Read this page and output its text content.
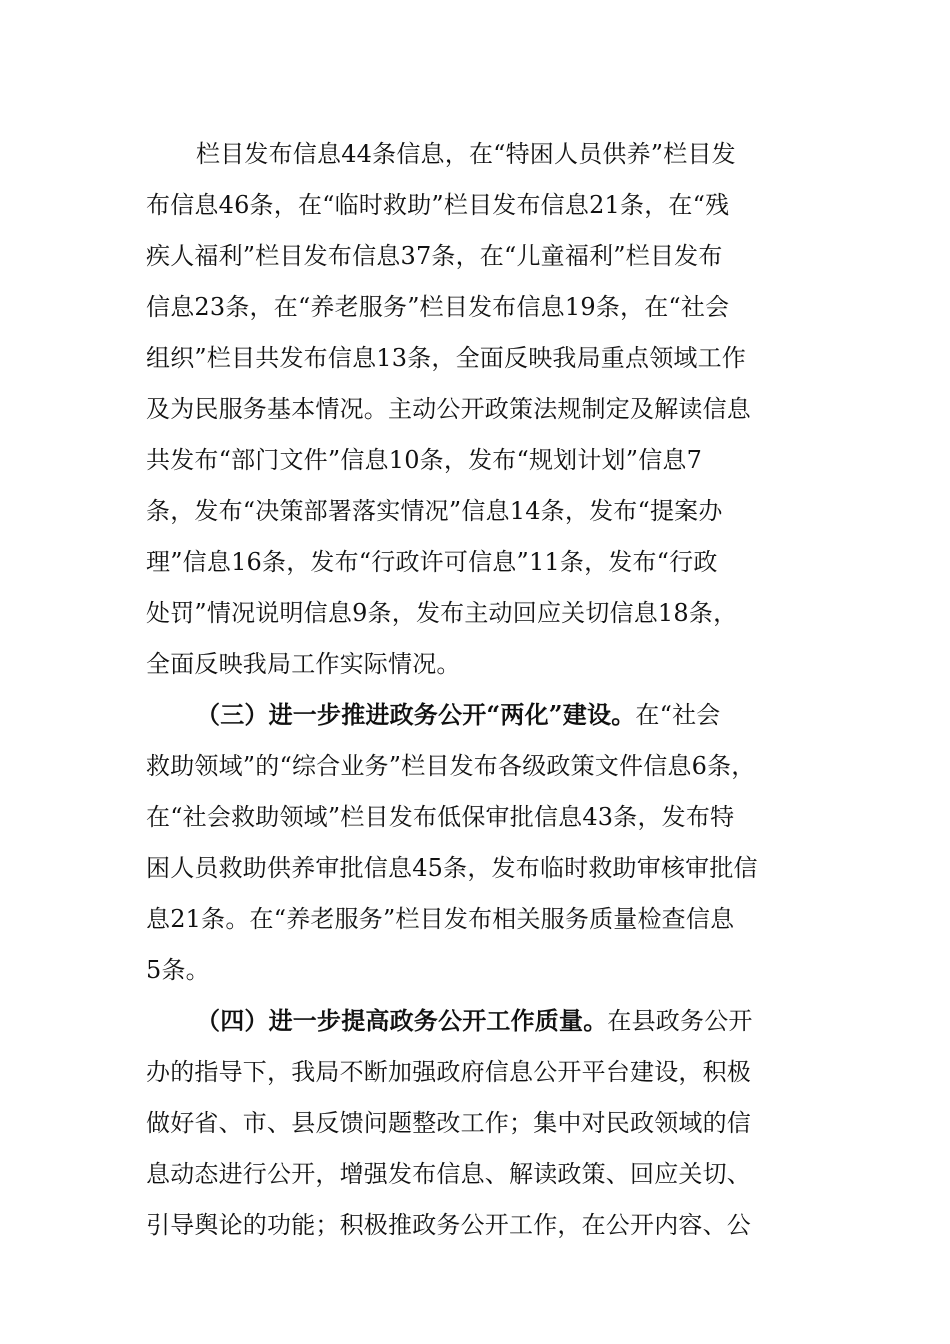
栏目发布信息44条信息，在“特困人员供养”栏目发
布信息46条，在“临时救助”栏目发布信息21条，在“残
疾人福利”栏目发布信息37条，在“儿童福利”栏目发布
信息23条，在“养老服务”栏目发布信息19条，在“社会
组织”栏目共发布信息13条，全面反映我局重点领域工作
及为民服务基本情况。主动公开政策法规制定及解读信息
共发布“部门文件”信息10条，发布“规划计划”信息7
条，发布“决策部署落实情况”信息14条，发布“提案办
理”信息16条，发布“行政许可信息”11条，发布“行政
处罚”情况说明信息9条，发布主动回应关切信息18条，
全面反映我局工作实际情况。
（三）进一步推进政务公开“两化”建设。在“社会
救助领域”的“综合业务”栏目发布各级政策文件信息6条，
在“社会救助领域”栏目发布低保审批信息43条，发布特
困人员救助供养审批信息45条，发布临时救助审核审批信
息21条。在“养老服务”栏目发布相关服务质量检查信息
5条。
（四）进一步提高政务公开工作质量。在县政务公开
办的指导下，我局不断加强政府信息公开平台建设，积极
做好省、市、县反馈问题整改工作；集中对民政领域的信
息动态进行公开，增强发布信息、解读政策、回应关切、
引导舆论的功能；积极推政务公开工作，在公开内容、公
